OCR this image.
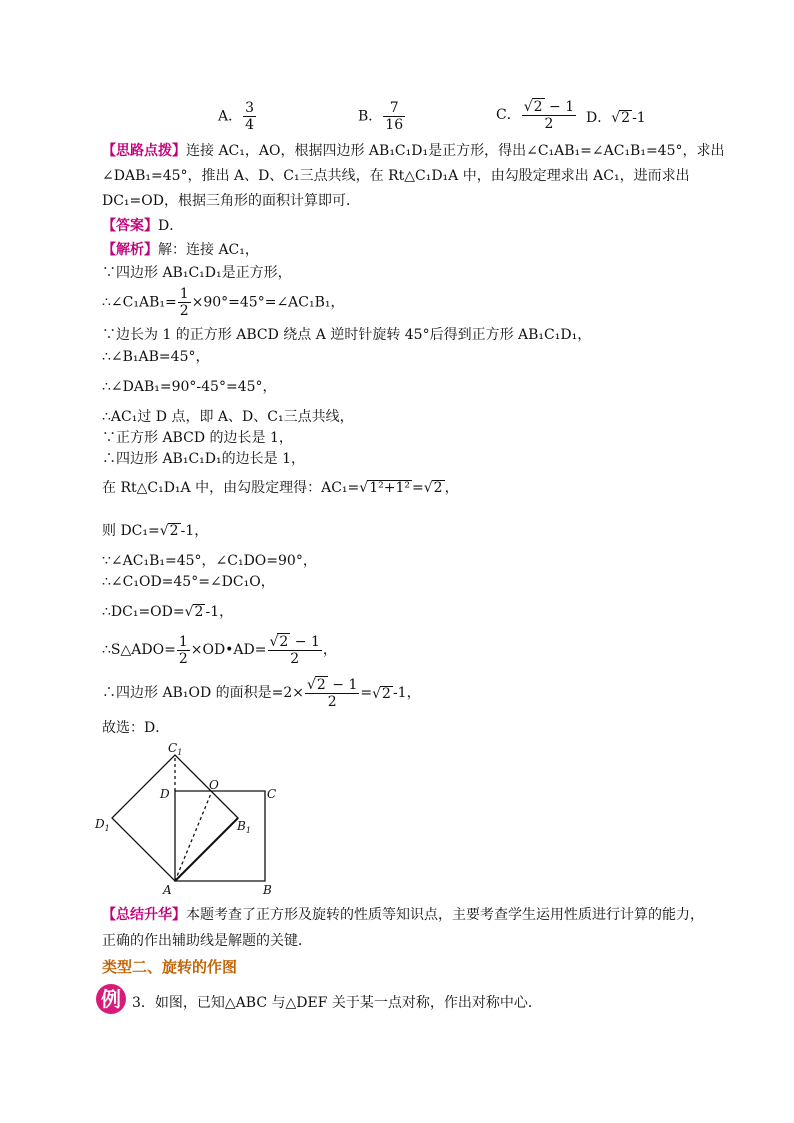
A． $\frac{3}{4}$	B． $\frac{7}{16}$	C． $\frac{√2 - 1}{2}$ D．√2 -1
【思路点拨】连接 AC₁，AO，根据四边形 AB₁C₁D₁是正方形，得出∠C₁AB₁=∠AC₁B₁=45°，求出
∠DAB₁=45°，推出 A、D、C₁三点共线，在 Rt△C₁D₁A 中，由勾股定理求出 AC₁，进而求出
DC₁=OD，根据三角形的面积计算即可．
【答案】D．
【解析】解：连接 AC₁，
∵四边形 AB₁C₁D₁是正方形，
∴∠C₁AB₁= $\frac{1}{2}$ ×90°=45°=∠AC₁B₁，
∵边长为 1 的正方形 ABCD 绕点 A 逆时针旋转 45°后得到正方形 AB₁C₁D₁，
∴∠B₁AB=45°，
∴∠DAB₁=90°-45°=45°，
∴AC₁过 D 点，即 A、D、C₁三点共线，
∵正方形 ABCD 的边长是 1，
∴四边形 AB₁C₁D₁的边长是 1，
在 Rt△C₁D₁A 中，由勾股定理得：AC₁=√1²+1² =√2 ，
则 DC₁=√2 -1，
∵∠AC₁B₁=45°，∠C₁DO=90°，
∴∠C₁OD=45°=∠DC₁O，
∴DC₁=OD=√2 -1，
∴S△ADO= $\frac{1}{2}$ ×OD•AD= $\frac{√2 - 1}{2}$ ，
∴四边形 AB₁OD 的面积是$=2\times \frac{√2 - 1}{2} =√2$ -1，
故选：D．
$C_1$
D
O
C
$D_1$	$B_1$
A	B
【总结升华】本题考查了正方形及旋转的性质等知识点，主要考查学生运用性质进行计算的能力，
正确的作出辅助线是解题的关键．
类型二、旋转的作图
例 3．如图，已知△ABC 与△DEF 关于某一点对称，作出对称中心．
